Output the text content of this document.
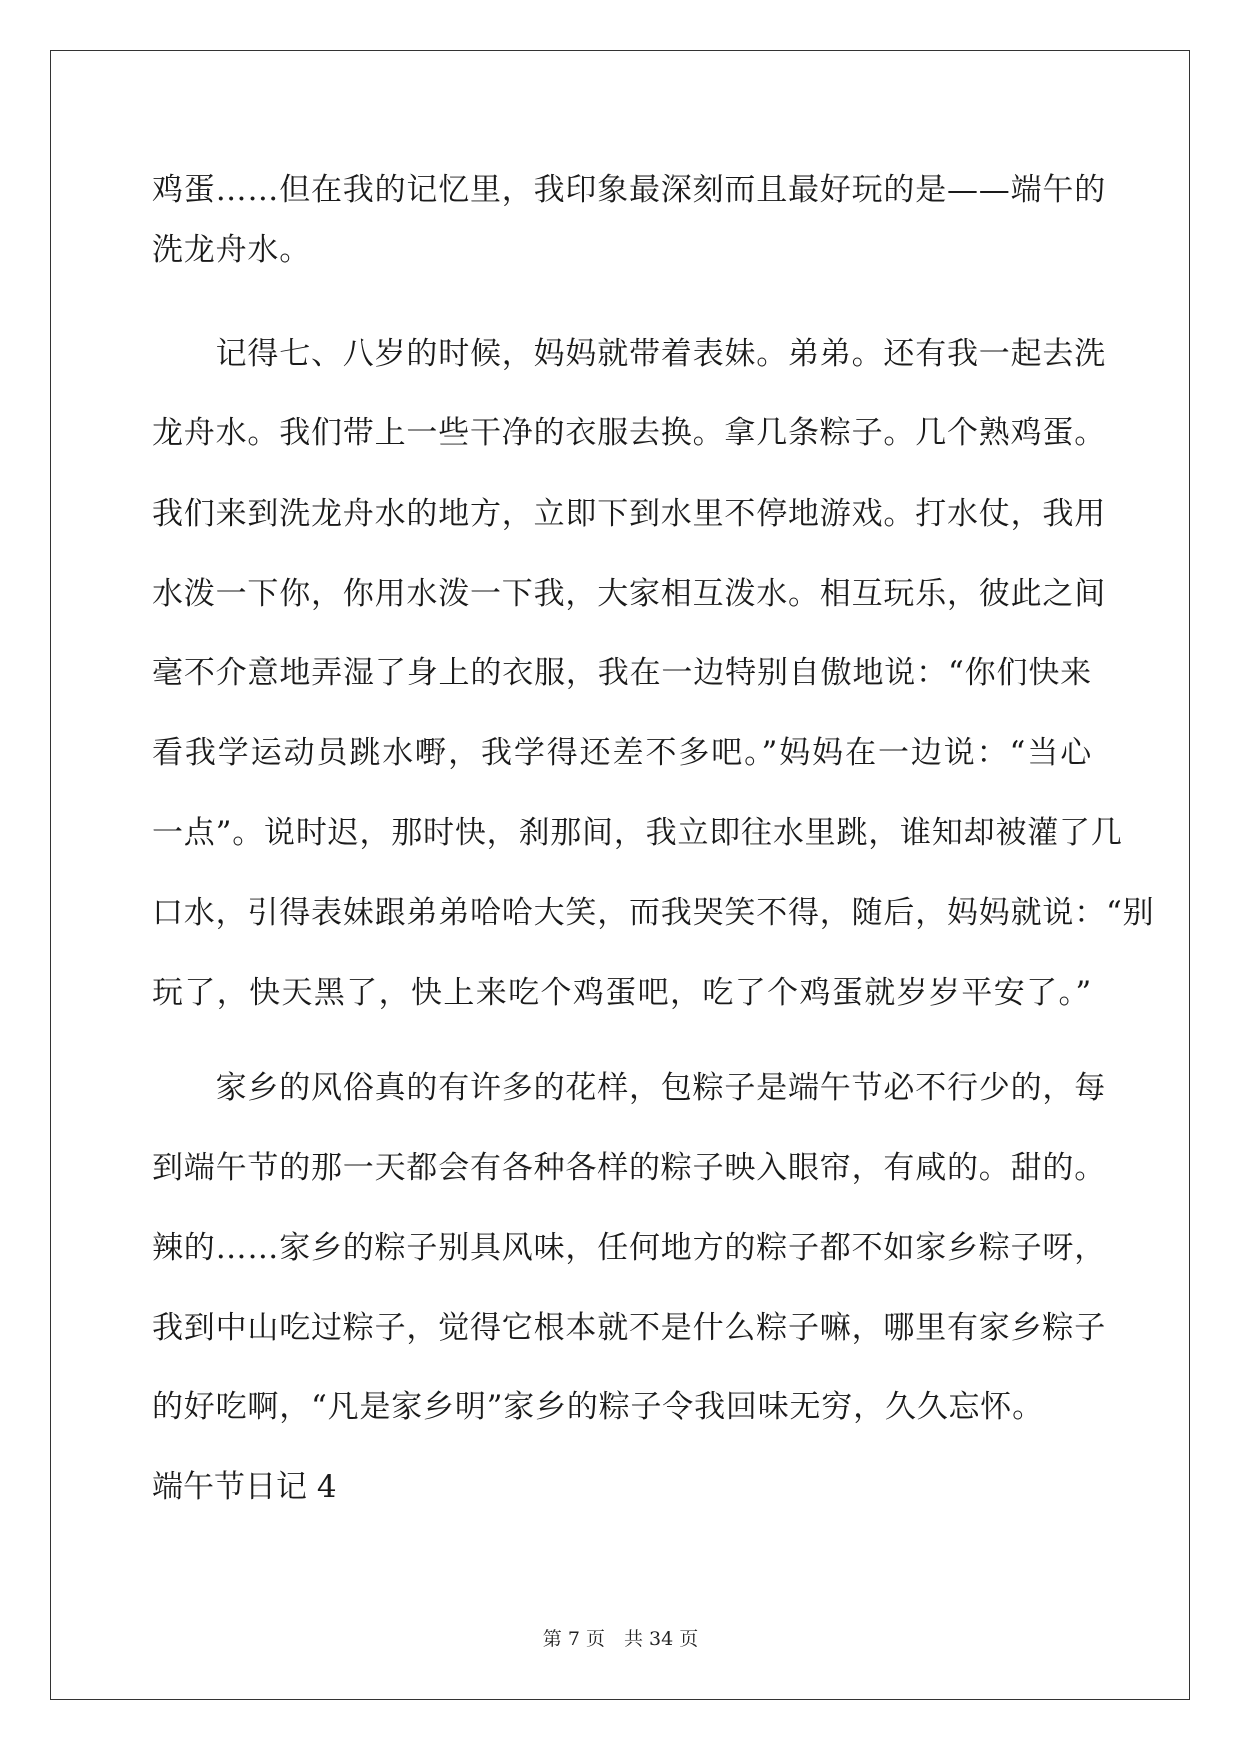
鸡蛋……但在我的记忆里，我印象最深刻而且最好玩的是——端午的
洗龙舟水。
　　记得七、八岁的时候，妈妈就带着表妹。弟弟。还有我一起去洗
龙舟水。我们带上一些干净的衣服去换。拿几条粽子。几个熟鸡蛋。
我们来到洗龙舟水的地方，立即下到水里不停地游戏。打水仗，我用
水泼一下你，你用水泼一下我，大家相互泼水。相互玩乐，彼此之间
毫不介意地弄湿了身上的衣服，我在一边特别自傲地说：“你们快来
看我学运动员跳水嘢，我学得还差不多吧。”妈妈在一边说：“当心
一点”。说时迟，那时快，刹那间，我立即往水里跳，谁知却被灌了几
口水，引得表妹跟弟弟哈哈大笑，而我哭笑不得，随后，妈妈就说：“别
玩了，快天黑了，快上来吃个鸡蛋吧，吃了个鸡蛋就岁岁平安了。”
　　家乡的风俗真的有许多的花样，包粽子是端午节必不行少的，每
到端午节的那一天都会有各种各样的粽子映入眼帘，有咸的。甜的。
辣的……家乡的粽子别具风味，任何地方的粽子都不如家乡粽子呀，
我到中山吃过粽子，觉得它根本就不是什么粽子嘛，哪里有家乡粽子
的好吃啊，“凡是家乡明”家乡的粽子令我回味无穷，久久忘怀。
端午节日记 4
第 7 页　共 34 页
